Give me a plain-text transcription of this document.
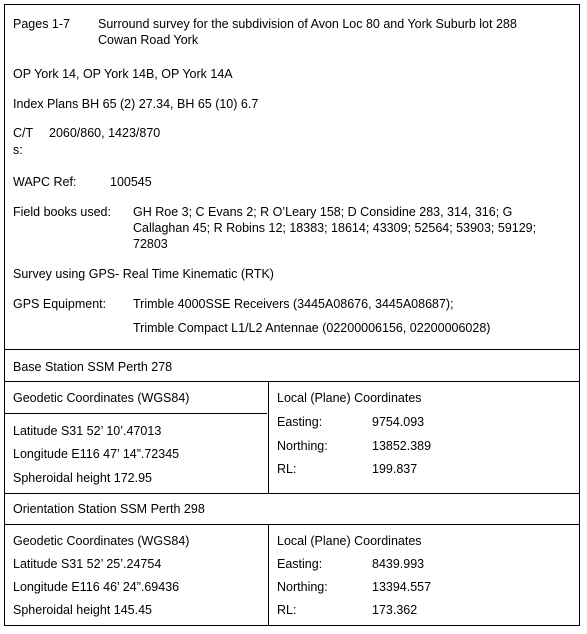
Pages 1-7 Surround survey for the subdivision of Avon Loc 80 and York Suburb lot 288
Cowan Road York
OP York 14, OP York 14B, OP York 14A
Index Plans BH 65 (2) 27.34, BH 65 (10) 6.7
C/T
s:
2060/860, 1423/870
WAPC Ref:	100545
Field books used: GH Roe 3; C Evans 2; R O’Leary 158; D Considine 283, 314, 316; G
Callaghan 45; R Robins 12; 18383; 18614; 43309; 52564; 53903; 59129;
72803
Survey using GPS- Real Time Kinematic (RTK)
GPS Equipment: Trimble 4000SSE Receivers (3445A08676, 3445A08687);
Trimble Compact L1/L2 Antennae (02200006156, 02200006028)
Base Station SSM Perth 278
Geodetic Coordinates (WGS84)
Latitude S31 52’ 10’.47013
Longitude E116 47’ 14”.72345
Spheroidal height 172.95
Local (Plane) Coordinates
Easting:	9754.093
Northing:	13852.389
RL:	199.837
Orientation Station SSM Perth 298
Geodetic Coordinates (WGS84)
Latitude S31 52’ 25’.24754
Longitude E116 46’ 24”.69436
Spheroidal height 145.45
Local (Plane) Coordinates
Easting:	8439.993
Northing:	13394.557
RL:	173.362
